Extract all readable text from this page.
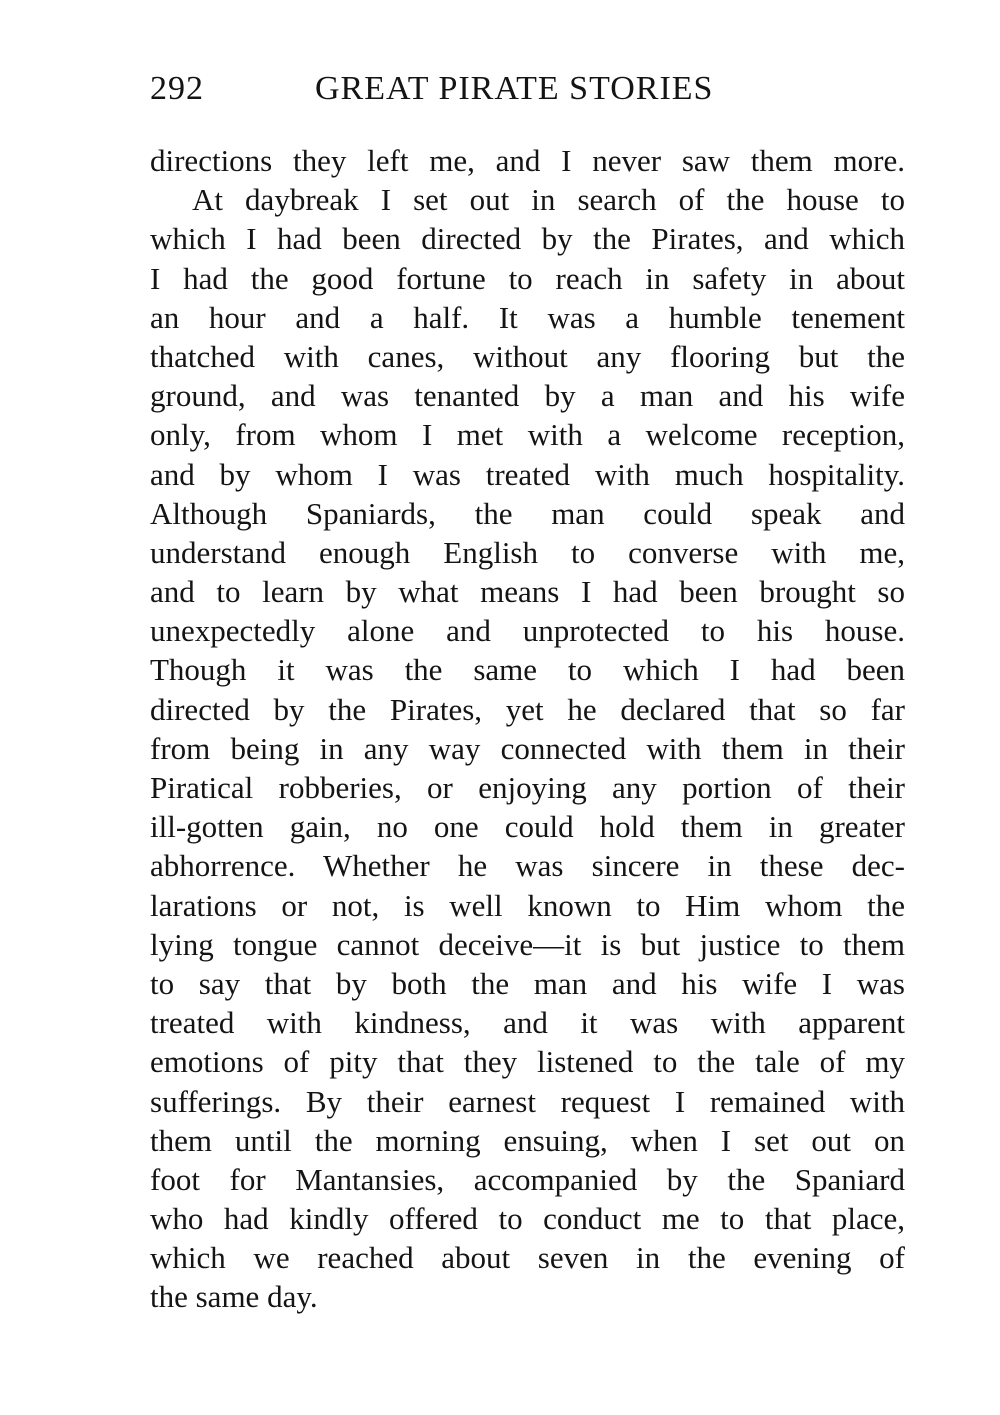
292	GREAT PIRATE STORIES
directions they left me, and I never saw them more.
At daybreak I set out in search of the house to
which I had been directed by the Pirates, and which
I had the good fortune to reach in safety in about
an hour and a half. It was a humble tenement
thatched with canes, without any flooring but the
ground, and was tenanted by a man and his wife
only, from whom I met with a welcome reception,
and by whom I was treated with much hospitality.
Although Spaniards, the man could speak and
understand enough English to converse with me,
and to learn by what means I had been brought so
unexpectedly alone and unprotected to his house.
Though it was the same to which I had been
directed by the Pirates, yet he declared that so far
from being in any way connected with them in their
Piratical robberies, or enjoying any portion of their
ill-gotten gain, no one could hold them in greater
abhorrence. Whether he was sincere in these dec-
larations or not, is well known to Him whom the
lying tongue cannot deceive—it is but justice to them
to say that by both the man and his wife I was
treated with kindness, and it was with apparent
emotions of pity that they listened to the tale of my
sufferings. By their earnest request I remained with
them until the morning ensuing, when I set out on
foot for Mantansies, accompanied by the Spaniard
who had kindly offered to conduct me to that place,
which we reached about seven in the evening of
the same day.
